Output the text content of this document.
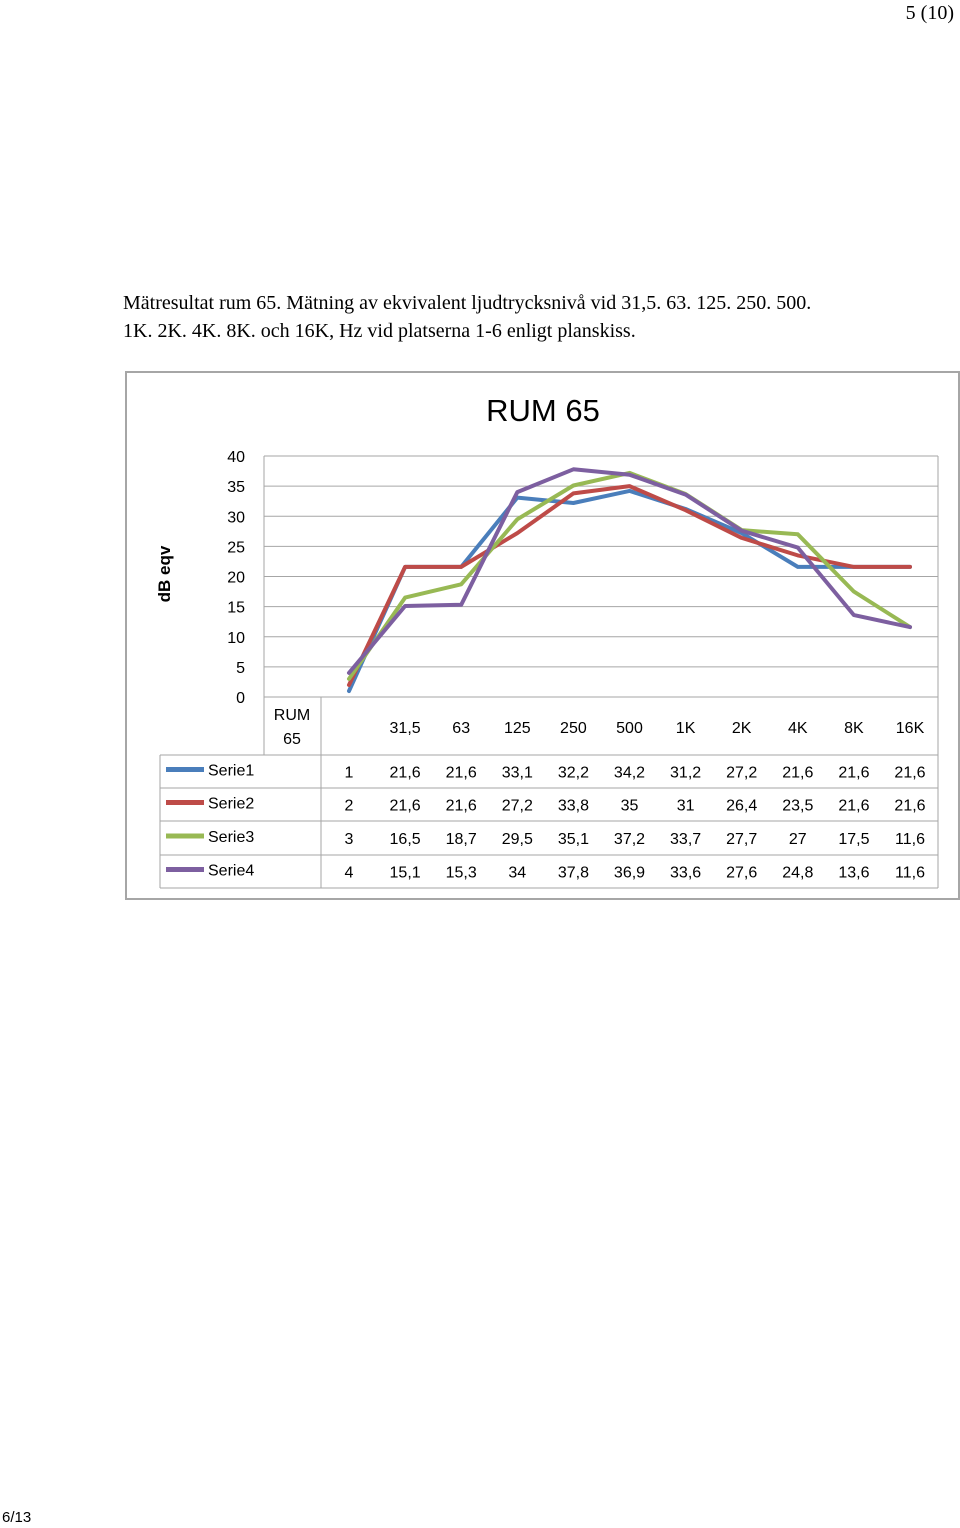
5 (10)
Mätresultat rum 65. Mätning av ekvivalent ljudtrycksnivå vid 31,5. 63. 125. 250. 500.
1K. 2K. 4K. 8K. och 16K, Hz vid platserna 1-6 enligt planskiss.
RUM 65
dB eqv
0
5
10
15
20
25
30
35
40
RUM
65
31,5 63 125 250 500 1K 2K 4K 8K 16K
Serie1	1 21,6 21,6 33,1 32,2 34,2 31,2 27,2 21,6 21,6 21,6
Serie2	2 21,6 21,6 27,2 33,8 35 31 26,4 23,5 21,6 21,6
Serie3	3 16,5 18,7 29,5 35,1 37,2 33,7 27,7 27 17,5 11,6
Serie4	4 15,1 15,3 34 37,8 36,9 33,6 27,6 24,8 13,6 11,6
6/13
